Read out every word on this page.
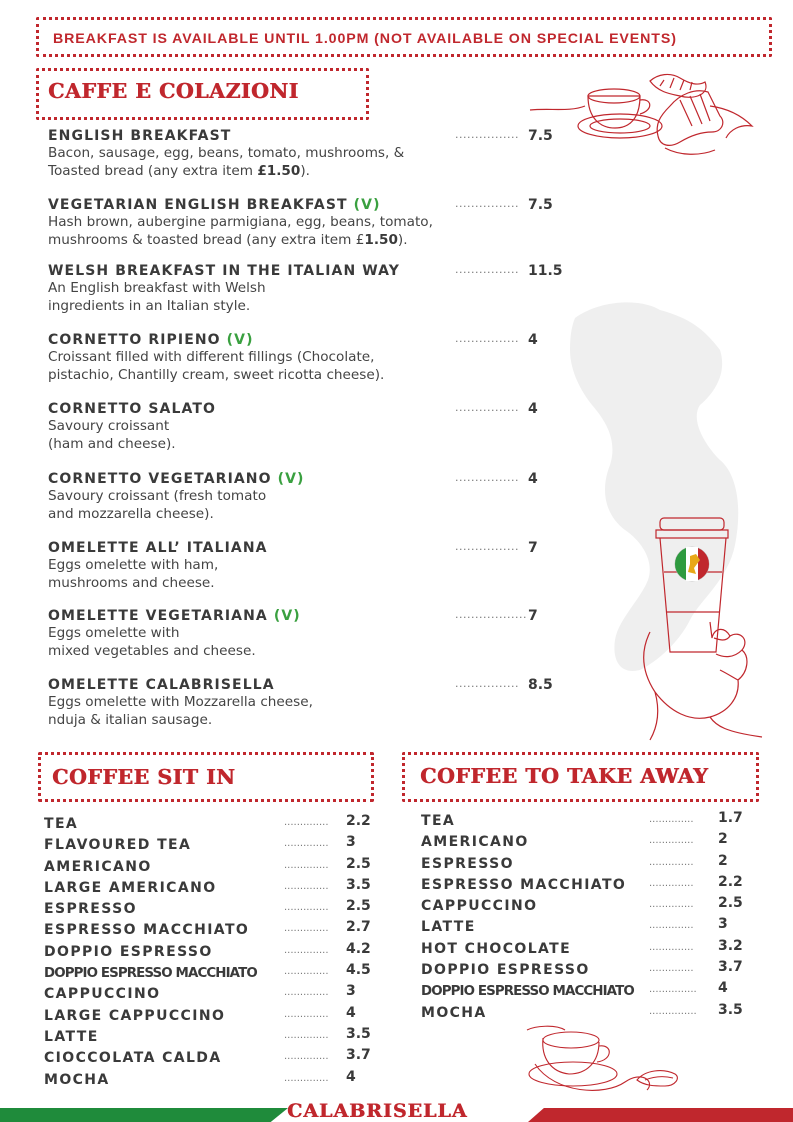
BREAKFAST IS AVAILABLE UNTIL 1.00PM (NOT AVAILABLE ON SPECIAL EVENTS)
CAFFE E COLAZIONI
ENGLISH BREAKFAST
Bacon, sausage, egg, beans, tomato, mushrooms, &
Toasted bread (any extra item £1.50).
................ 7.5
VEGETARIAN ENGLISH BREAKFAST (V)
Hash brown, aubergine parmigiana, egg, beans, tomato,
mushrooms & toasted bread (any extra item £1.50).
................ 7.5
WELSH BREAKFAST IN THE ITALIAN WAY
An English breakfast with Welsh
ingredients in an Italian style.
................ 11.5
CORNETTO RIPIENO (V)
Croissant filled with different fillings (Chocolate,
pistachio, Chantilly cream, sweet ricotta cheese).
................ 4
CORNETTO SALATO
Savoury croissant
(ham and cheese).
................ 4
CORNETTO VEGETARIANO (V)
Savoury croissant (fresh tomato
and mozzarella cheese).
................ 4
OMELETTE ALL’ ITALIANA
Eggs omelette with ham,
mushrooms and cheese.
................ 7
OMELETTE VEGETARIANA (V)
Eggs omelette with
mixed vegetables and cheese.
.................. 7
OMELETTE CALABRISELLA
Eggs omelette with Mozzarella cheese,
nduja & italian sausage.
................ 8.5
COFFEE SIT IN
TEA	.............. 2.2
FLAVOURED TEA	.............. 3
AMERICANO	.............. 2.5
LARGE AMERICANO	.............. 3.5
ESPRESSO	.............. 2.5
ESPRESSO MACCHIATO	.............. 2.7
DOPPIO ESPRESSO	.............. 4.2
DOPPIO ESPRESSO MACCHIATO	.............. 4.5
CAPPUCCINO	.............. 3
LARGE CAPPUCCINO	.............. 4
LATTE	.............. 3.5
CIOCCOLATA CALDA	.............. 3.7
MOCHA	.............. 4
COFFEE TO TAKE AWAY
TEA	.............. 1.7
AMERICANO	.............. 2
ESPRESSO	.............. 2
ESPRESSO MACCHIATO .............. 2.2
CAPPUCCINO	.............. 2.5
LATTE	.............. 3
HOT CHOCOLATE	.............. 3.2
DOPPIO ESPRESSO	.............. 3.7
DOPPIO ESPRESSO MACCHIATO ............... 4
MOCHA	............... 3.5
CALABRISELLA
